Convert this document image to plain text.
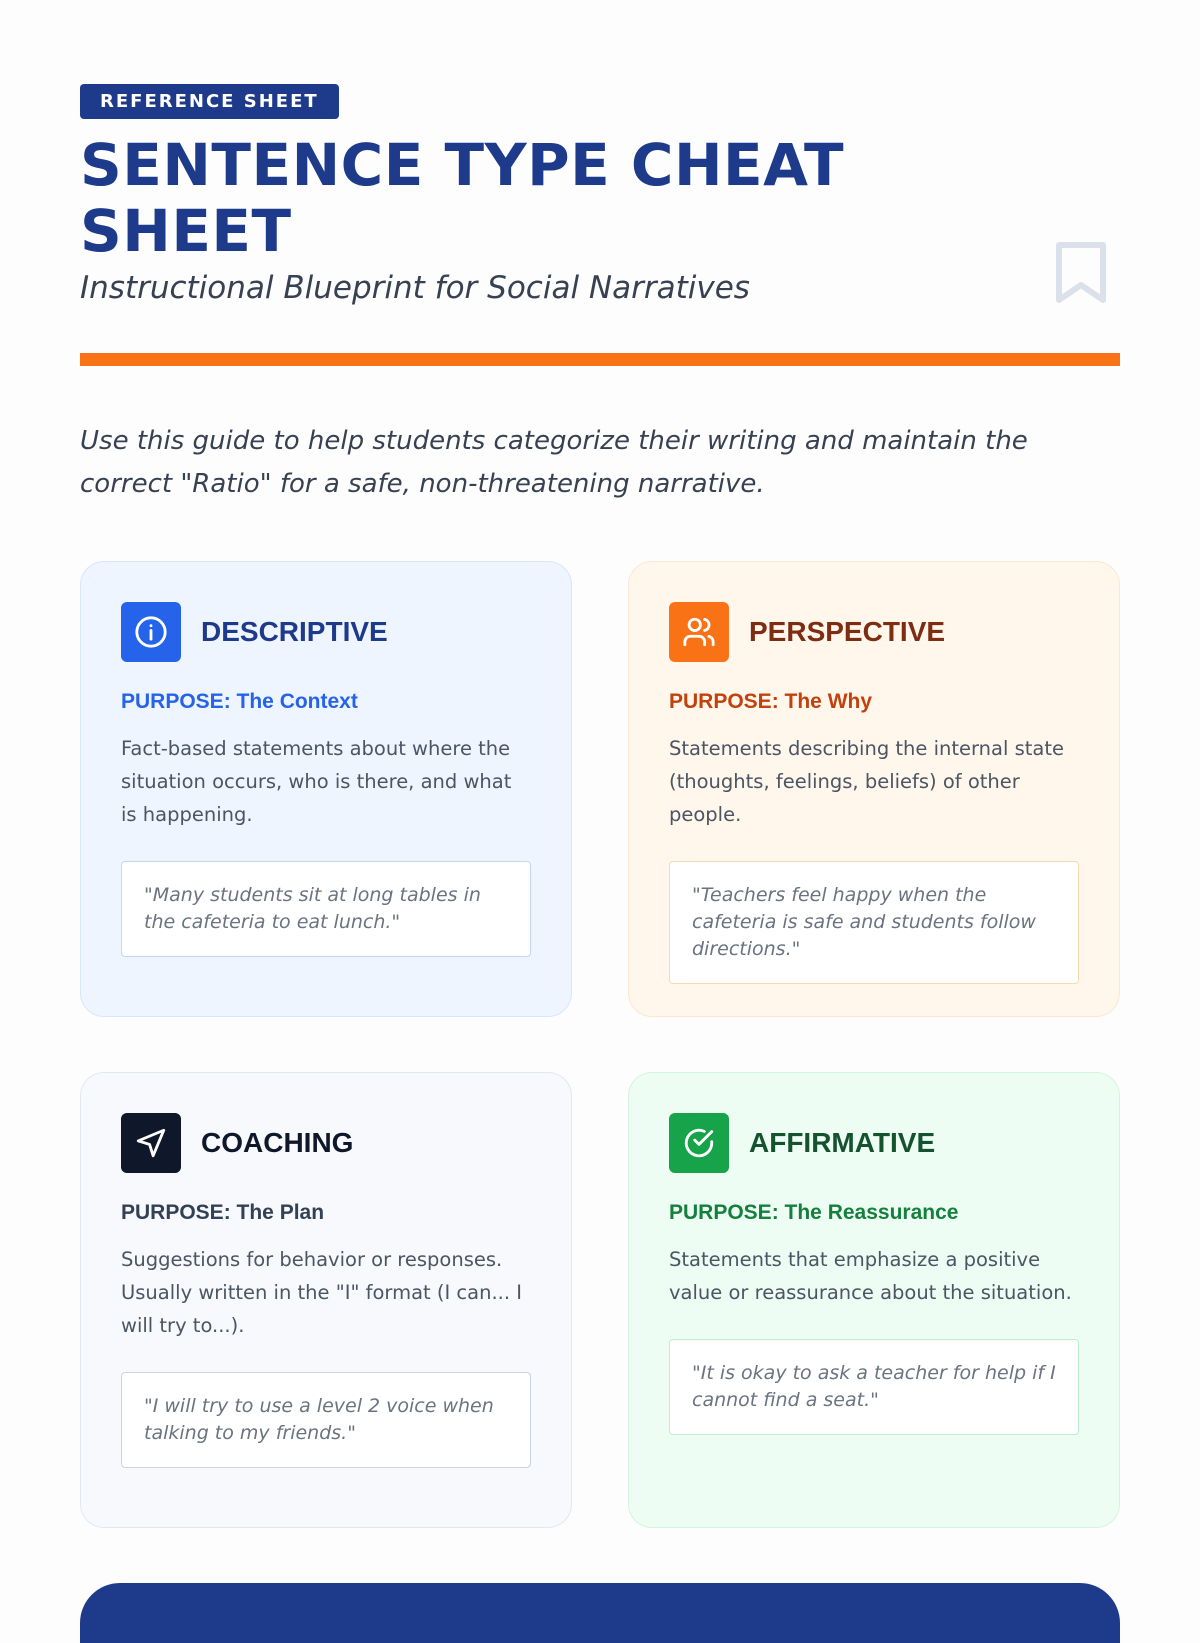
REFERENCE SHEET
SENTENCE TYPE CHEAT SHEET

Instructional Blueprint for Social Narratives

Use this guide to help students categorize their writing and maintain the correct "Ratio" for a safe, non-threatening narrative.

DESCRIPTIVE
PURPOSE: The Context
Fact-based statements about where the situation occurs, who is there, and what is happening.
"Many students sit at long tables in the cafeteria to eat lunch."
PERSPECTIVE
PURPOSE: The Why
Statements describing the internal state (thoughts, feelings, beliefs) of other people.
"Teachers feel happy when the cafeteria is safe and students follow directions."
COACHING
PURPOSE: The Plan
Suggestions for behavior or responses. Usually written in the "I" format (I can... I will try to...).
"I will try to use a level 2 voice when talking to my friends."
AFFIRMATIVE
PURPOSE: The Reassurance
Statements that emphasize a positive value or reassurance about the situation.
"It is okay to ask a teacher for help if I cannot find a seat."
